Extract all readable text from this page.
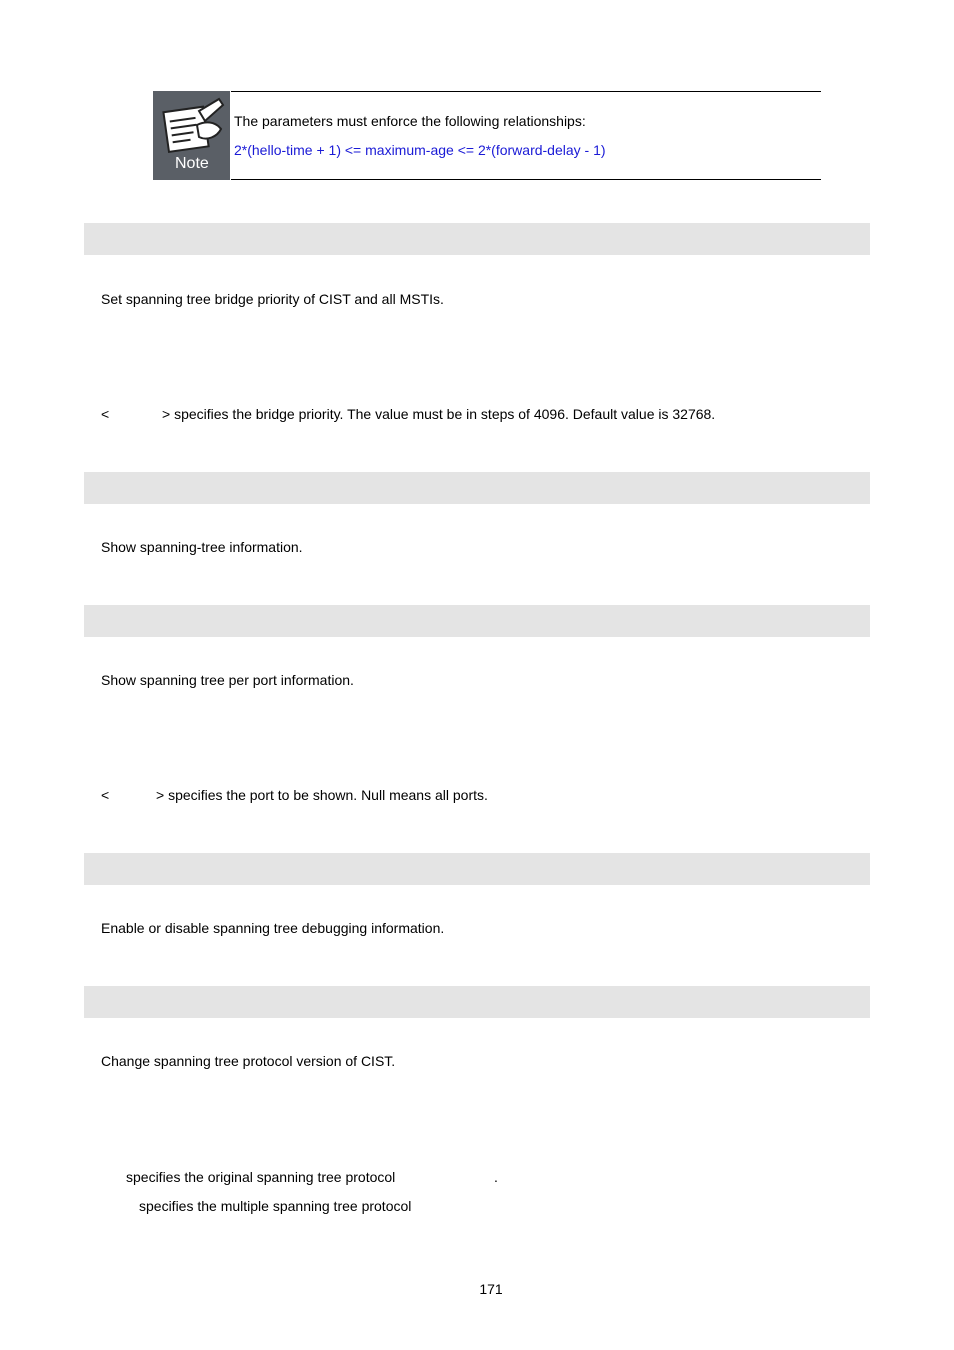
Note
The parameters must enforce the following relationships:
2*(hello-time + 1) <= maximum-age <= 2*(forward-delay - 1)
Set spanning tree bridge priority of CIST and all MSTIs.
<	> specifies the bridge priority. The value must be in steps of 4096. Default value is 32768.
Show spanning-tree information.
Show spanning tree per port information.
<	> specifies the port to be shown. Null means all ports.
Enable or disable spanning tree debugging information.
Change spanning tree protocol version of CIST.
specifies the original spanning tree protocol	.
specifies the multiple spanning tree protocol
171
